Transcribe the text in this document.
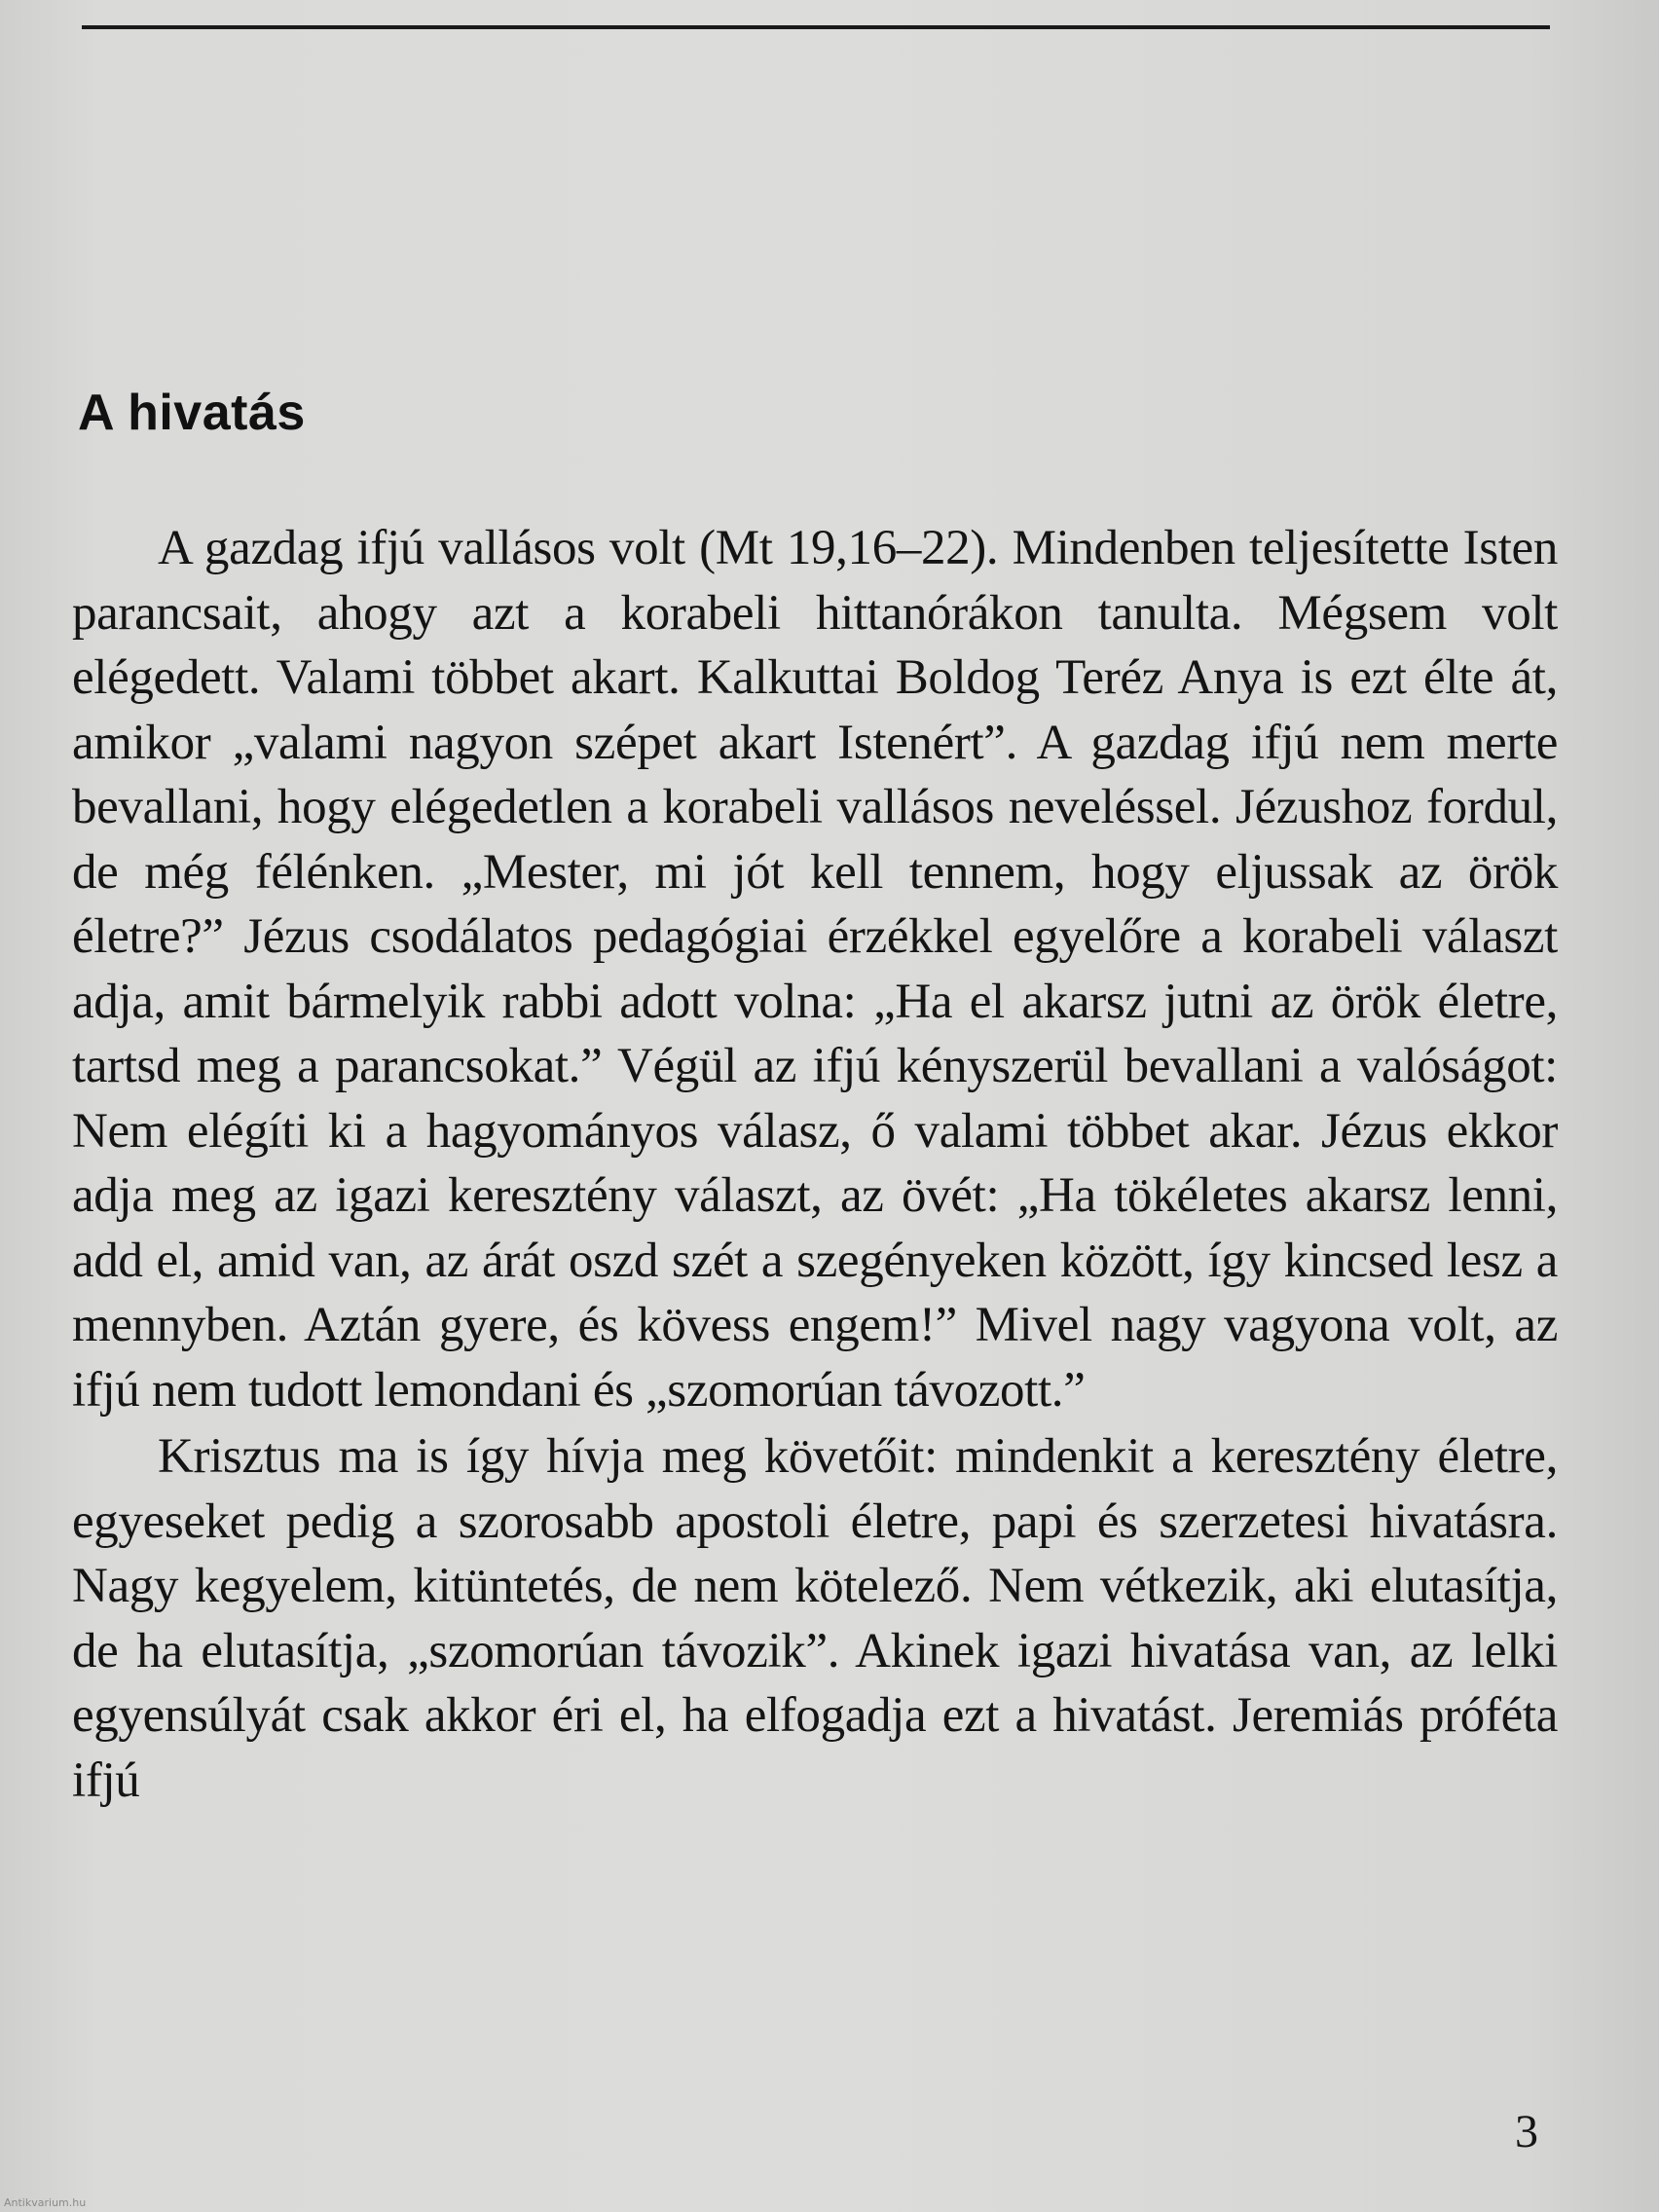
A hivatás

A gazdag ifjú vallásos volt (Mt 19,16–22). Mindenben teljesítette Isten parancsait, ahogy azt a korabeli hittanórákon tanulta. Mégsem volt elégedett. Valami többet akart. Kalkuttai Boldog Teréz Anya is ezt élte át, amikor „valami nagyon szépet akart Istenért”. A gazdag ifjú nem merte bevallani, hogy elégedetlen a korabeli vallásos neveléssel. Jézushoz fordul, de még félénken. „Mester, mi jót kell tennem, hogy eljussak az örök életre?” Jézus csodálatos pedagógiai érzékkel egyelőre a korabeli választ adja, amit bármelyik rabbi adott volna: „Ha el akarsz jutni az örök életre, tartsd meg a parancsokat.” Végül az ifjú kényszerül bevallani a valóságot: Nem elégíti ki a hagyományos válasz, ő valami többet akar. Jézus ekkor adja meg az igazi keresztény választ, az övét: „Ha tökéletes akarsz lenni, add el, amid van, az árát oszd szét a szegényeken között, így kincsed lesz a mennyben. Aztán gyere, és kövess engem!” Mivel nagy vagyona volt, az ifjú nem tudott lemondani és „szomorúan távozott.”

Krisztus ma is így hívja meg követőit: mindenkit a keresztény életre, egyeseket pedig a szorosabb apostoli életre, papi és szerzetesi hivatásra. Nagy kegyelem, kitüntetés, de nem kötelező. Nem vétkezik, aki elutasítja, de ha elutasítja, „szomorúan távozik”. Akinek igazi hivatása van, az lelki egyensúlyát csak akkor éri el, ha elfogadja ezt a hivatást. Jeremiás próféta ifjú

3
Antikvarium.hu
